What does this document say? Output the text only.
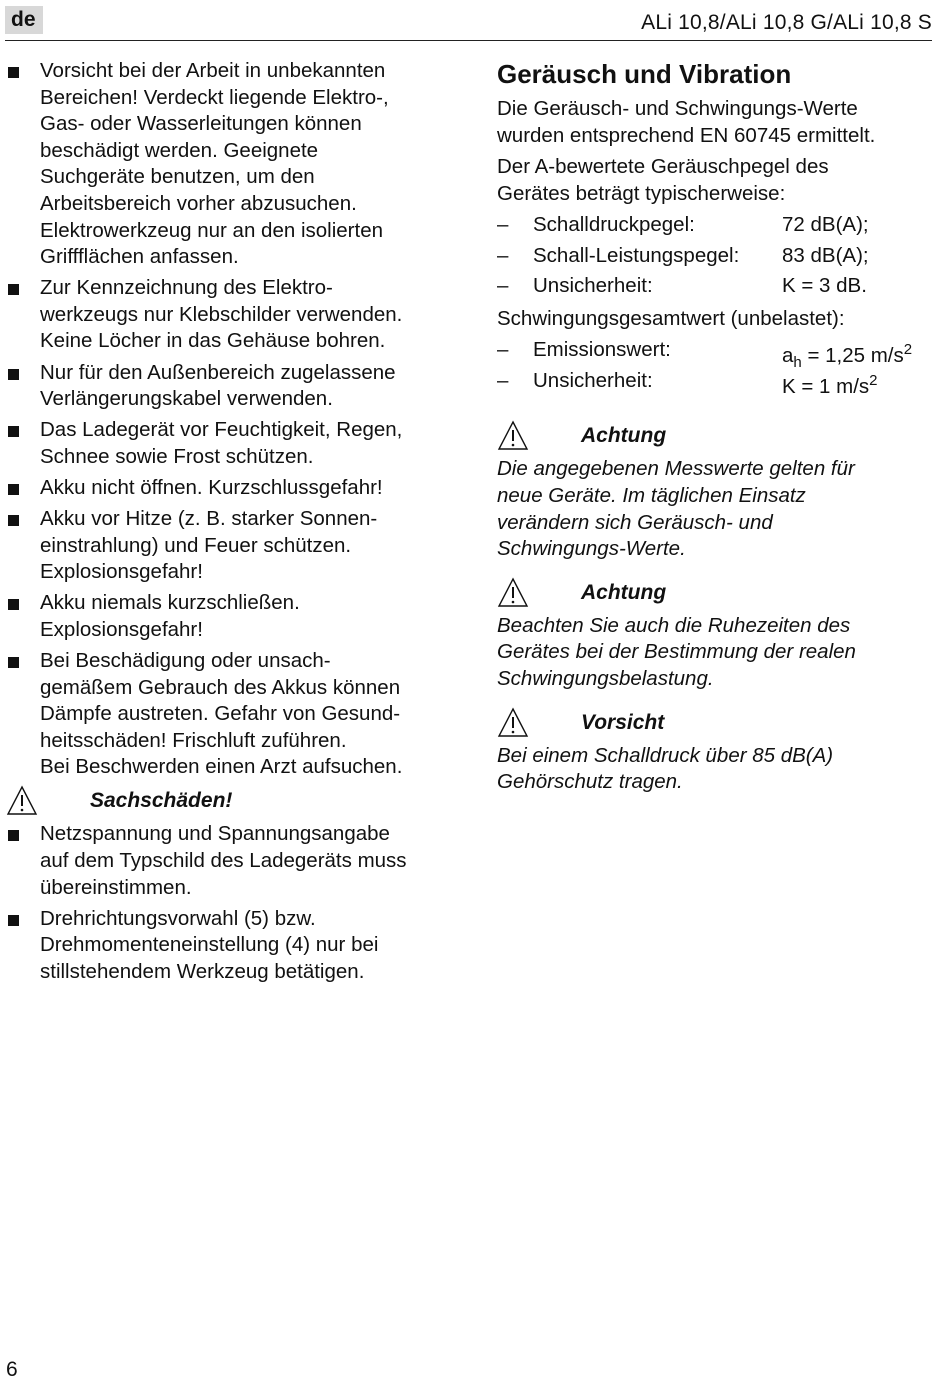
de	ALi 10,8/ALi 10,8 G/ALi 10,8 S
Vorsicht bei der Arbeit in unbekannten
Bereichen! Verdeckt liegende Elektro-,
Gas- oder Wasserleitungen können
beschädigt werden. Geeignete
Suchgeräte benutzen, um den
Arbeitsbereich vorher abzusuchen.
Elektrowerkzeug nur an den isolierten
Griffflächen anfassen.
Zur Kennzeichnung des Elektro-
werkzeugs nur Klebschilder verwenden.
Keine Löcher in das Gehäuse bohren.
Nur für den Außenbereich zugelassene
Verlängerungskabel verwenden.
Das Ladegerät vor Feuchtigkeit, Regen,
Schnee sowie Frost schützen.
Akku nicht öffnen. Kurzschlussgefahr!
Akku vor Hitze (z. B. starker Sonnen-
einstrahlung) und Feuer schützen.
Explosionsgefahr!
Akku niemals kurzschließen.
Explosionsgefahr!
Bei Beschädigung oder unsach-
gemäßem Gebrauch des Akkus können
Dämpfe austreten. Gefahr von Gesund-
heitsschäden! Frischluft zuführen.
Bei Beschwerden einen Arzt aufsuchen.
Sachschäden!
Netzspannung und Spannungsangabe
auf dem Typschild des Ladegeräts muss
übereinstimmen.
Drehrichtungsvorwahl (5) bzw.
Drehmomenteneinstellung (4) nur bei
stillstehendem Werkzeug betätigen.
Geräusch und Vibration
Die Geräusch- und Schwingungs-Werte
wurden entsprechend EN 60745 ermittelt.
Der A-bewertete Geräuschpegel des
Gerätes beträgt typischerweise:
– Schalldruckpegel:	72 dB(A);
– Schall-Leistungspegel: 83 dB(A);
– Unsicherheit:	K = 3 dB.
Schwingungsgesamtwert (unbelastet):
– Emissionswert:	$a_h = 1,25$ $m/s^2$
– Unsicherheit:	K = 1 $m/s^2$
Achtung
Die angegebenen Messwerte gelten für
neue Geräte. Im täglichen Einsatz
verändern sich Geräusch- und
Schwingungs-Werte.
Achtung
Beachten Sie auch die Ruhezeiten des
Gerätes bei der Bestimmung der realen
Schwingungsbelastung.
Vorsicht
Bei einem Schalldruck über 85 dB(A)
Gehörschutz tragen.
6
